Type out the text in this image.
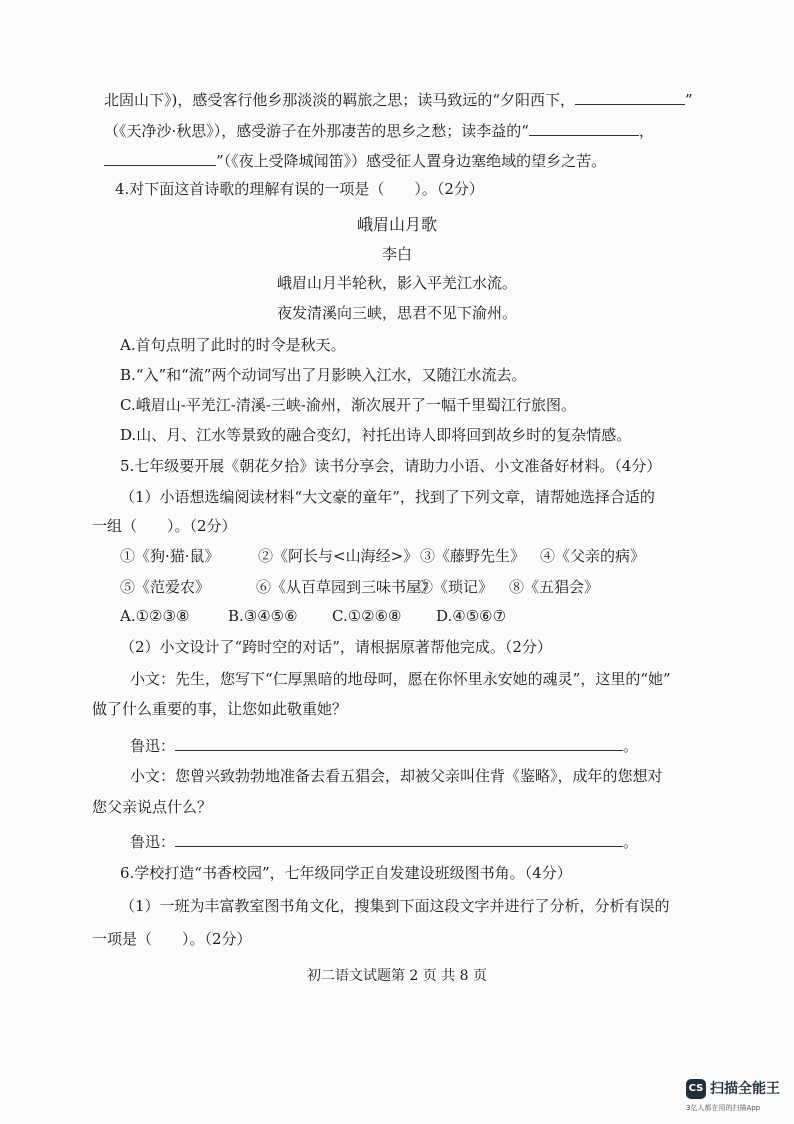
北固山下》)，感受客行他乡那淡淡的羁旅之思；读马致远的“夕阳西下，	”
（《天净沙·秋思》），感受游子在外那凄苦的思乡之愁；读李益的“	，
”（《夜上受降城闻笛》）感受征人置身边塞绝域的望乡之苦。
4.对下面这首诗歌的理解有误的一项是（　　）。（2分）
峨眉山月歌
李白
峨眉山月半轮秋，影入平羌江水流。
夜发清溪向三峡，思君不见下渝州。
A.首句点明了此时的时令是秋天。
B.“入”和“流”两个动词写出了月影映入江水，又随江水流去。
C.峨眉山-平羌江-清溪-三峡-渝州，渐次展开了一幅千里蜀江行旅图。
D.山、月、江水等景致的融合变幻，衬托出诗人即将回到故乡时的复杂情感。
5.七年级要开展《朝花夕拾》读书分享会，请助力小语、小文准备好材料。（4分）
（1）小语想选编阅读材料“大文豪的童年”，找到了下列文章，请帮她选择合适的
一组（　　）。（2分）
①《狗·猫·鼠》	②《阿长与<山海经>》 ③《藤野先生》 ④《父亲的病》
⑤《范爱农》	⑥《从百草园到三味书屋》
⑦《琐记》 ⑧《五猖会》
A.①②③⑧	B.③④⑤⑥ C.①②⑥⑧ D.④⑤⑥⑦
（2）小文设计了“跨时空的对话”，请根据原著帮他完成。（2分）
小文：先生，您写下“仁厚黑暗的地母呵，愿在你怀里永安她的魂灵”，这里的“她”
做了什么重要的事，让您如此敬重她？
鲁迅：	。
小文：您曾兴致勃勃地准备去看五猖会，却被父亲叫住背《鉴略》，成年的您想对
您父亲说点什么？
鲁迅：	。
6.学校打造“书香校园”，七年级同学正自发建设班级图书角。（4分）
（1）一班为丰富教室图书角文化，搜集到下面这段文字并进行了分析，分析有误的
一项是（　　）。（2分）
初二语文试题第 2 页 共 8 页
CS 扫描全能王
3亿人都在用的扫描App
